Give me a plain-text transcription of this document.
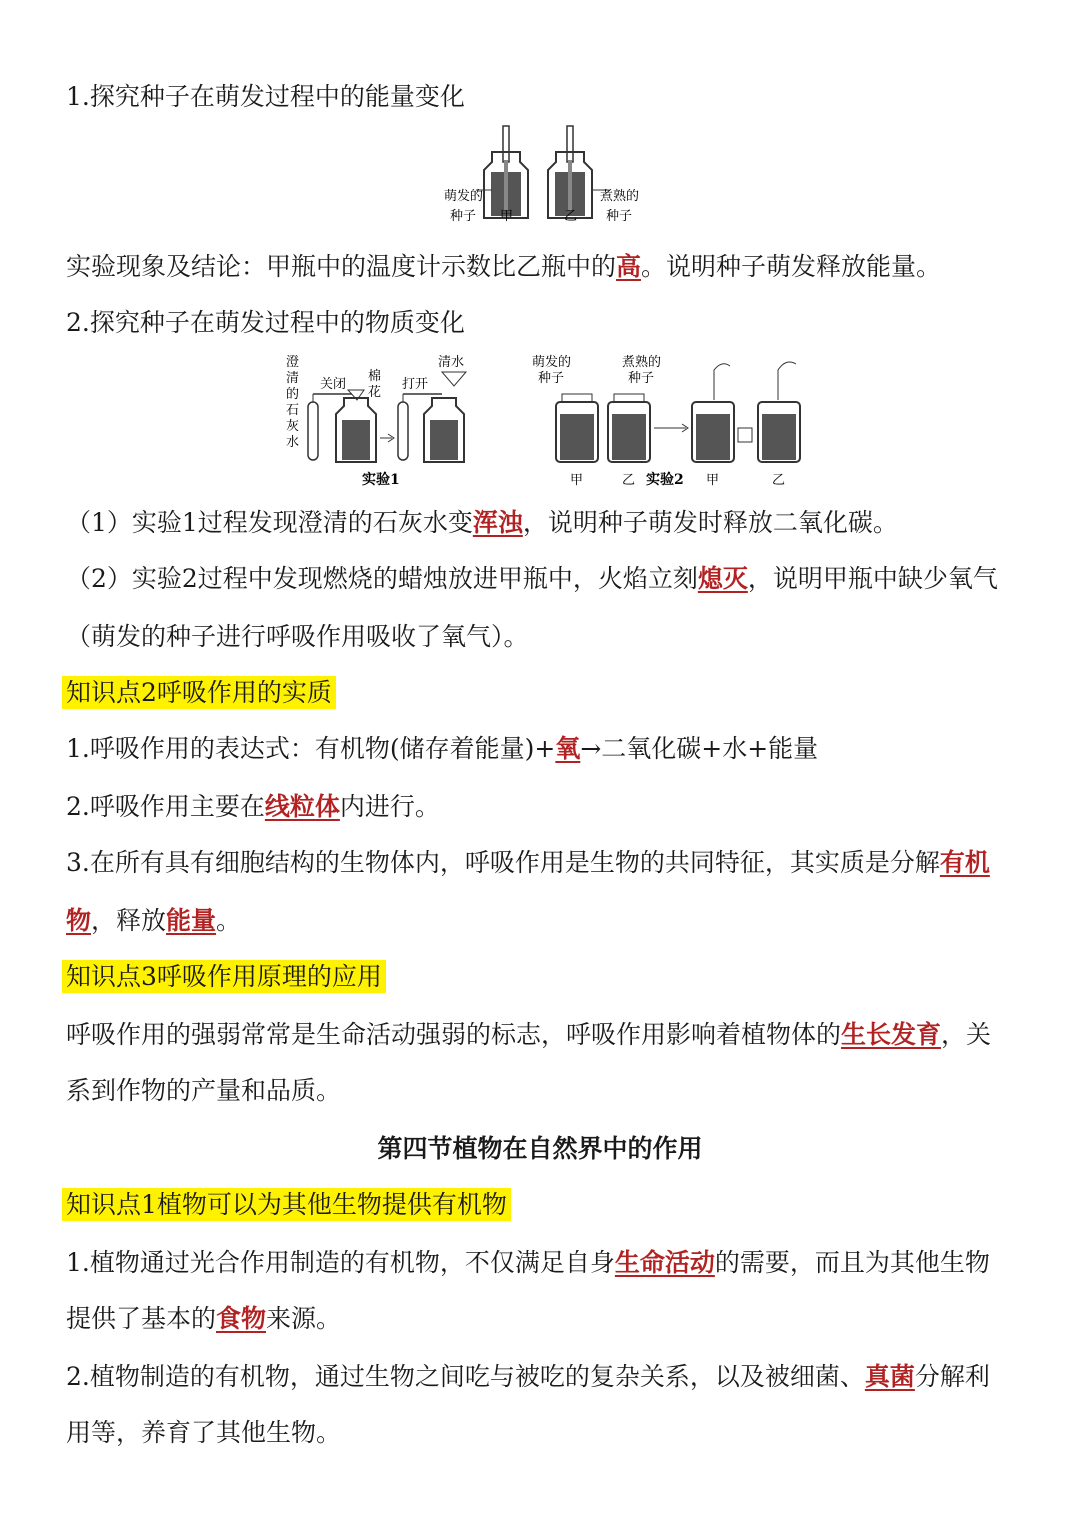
1.探究种子在萌发过程中的能量变化
萌发的
种子 甲	乙
煮熟的
种子
实验现象及结论：甲瓶中的温度计示数比乙瓶中的高。说明种子萌发释放能量。
2.探究种子在萌发过程中的物质变化
澄
清
的
石
灰
水
关闭
棉
花
打开
清水
实验1
萌发的
种子
煮熟的
种子
甲	乙 实验2 甲	乙
（1）实验1过程发现澄清的石灰水变浑浊，说明种子萌发时释放二氧化碳。
（2）实验2过程中发现燃烧的蜡烛放进甲瓶中，火焰立刻熄灭，说明甲瓶中缺少氧气
（萌发的种子进行呼吸作用吸收了氧气）。
知识点2呼吸作用的实质
1.呼吸作用的表达式：有机物(储存着能量)+氧→二氧化碳+水+能量
2.呼吸作用主要在线粒体内进行。
3.在所有具有细胞结构的生物体内，呼吸作用是生物的共同特征，其实质是分解有机
物，释放能量。
知识点3呼吸作用原理的应用
呼吸作用的强弱常常是生命活动强弱的标志，呼吸作用影响着植物体的生长发育，关
系到作物的产量和品质。
第四节植物在自然界中的作用
知识点1植物可以为其他生物提供有机物
1.植物通过光合作用制造的有机物，不仅满足自身生命活动的需要，而且为其他生物
提供了基本的食物来源。
2.植物制造的有机物，通过生物之间吃与被吃的复杂关系，以及被细菌、真菌分解利
用等，养育了其他生物。
